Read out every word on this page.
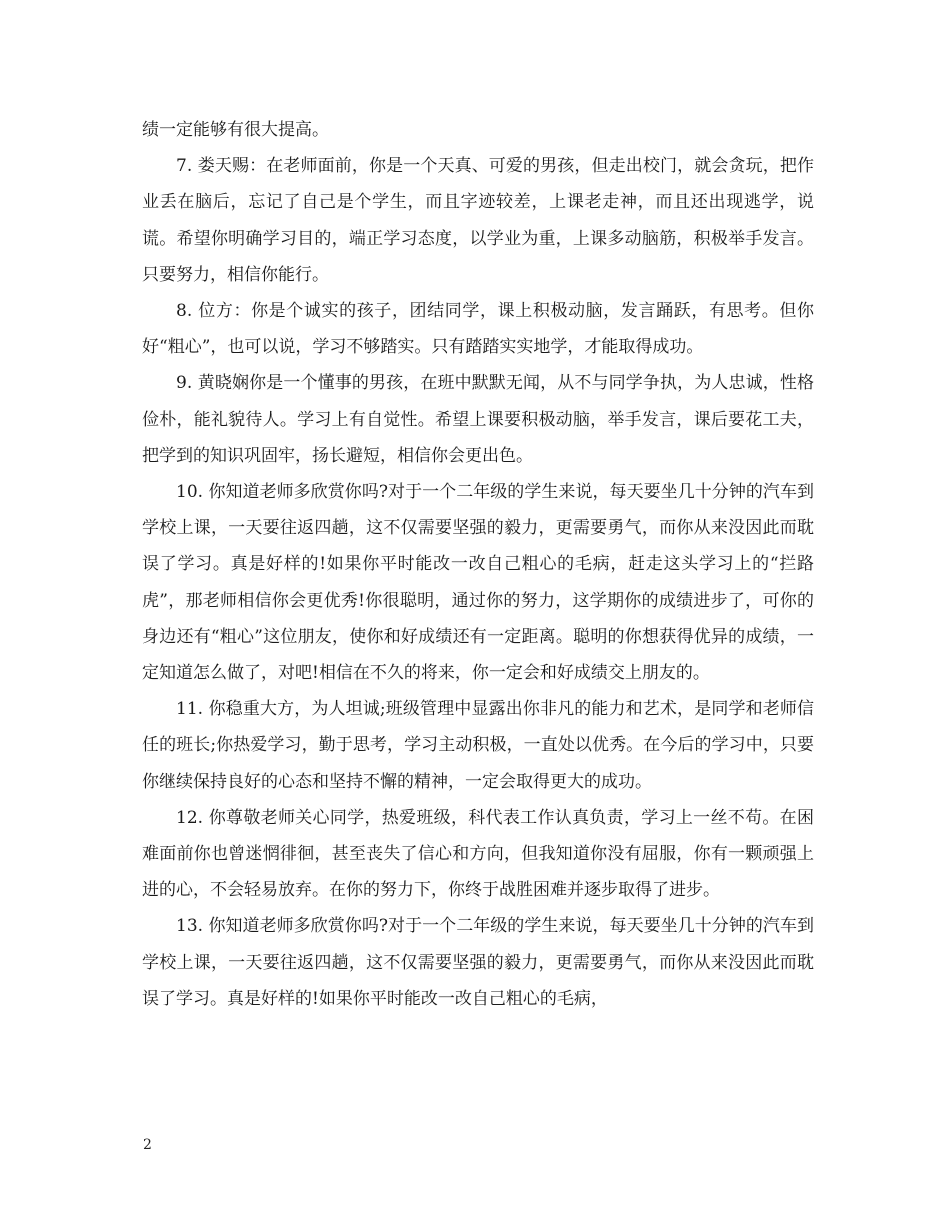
绩一定能够有很大提高。

7. 娄天赐：在老师面前，你是一个天真、可爱的男孩，但走出校门，就会贪玩，把作业丢在脑后，忘记了自己是个学生，而且字迹较差，上课老走神，而且还出现逃学，说谎。希望你明确学习目的，端正学习态度，以学业为重，上课多动脑筋，积极举手发言。只要努力，相信你能行。

8. 位方：你是个诚实的孩子，团结同学，课上积极动脑，发言踊跃，有思考。但你好“粗心”，也可以说，学习不够踏实。只有踏踏实实地学，才能取得成功。

9. 黄晓娴你是一个懂事的男孩，在班中默默无闻，从不与同学争执，为人忠诚，性格俭朴，能礼貌待人。学习上有自觉性。希望上课要积极动脑，举手发言，课后要花工夫，把学到的知识巩固牢，扬长避短，相信你会更出色。

10. 你知道老师多欣赏你吗?对于一个二年级的学生来说，每天要坐几十分钟的汽车到学校上课，一天要往返四趟，这不仅需要坚强的毅力，更需要勇气，而你从来没因此而耽误了学习。真是好样的!如果你平时能改一改自己粗心的毛病，赶走这头学习上的“拦路虎”，那老师相信你会更优秀!你很聪明，通过你的努力，这学期你的成绩进步了，可你的身边还有“粗心”这位朋友，使你和好成绩还有一定距离。聪明的你想获得优异的成绩，一定知道怎么做了，对吧!相信在不久的将来，你一定会和好成绩交上朋友的。

11. 你稳重大方，为人坦诚;班级管理中显露出你非凡的能力和艺术，是同学和老师信任的班长;你热爱学习，勤于思考，学习主动积极，一直处以优秀。在今后的学习中，只要你继续保持良好的心态和坚持不懈的精神，一定会取得更大的成功。

12. 你尊敬老师关心同学，热爱班级，科代表工作认真负责，学习上一丝不苟。在困难面前你也曾迷惘徘徊，甚至丧失了信心和方向，但我知道你没有屈服，你有一颗顽强上进的心，不会轻易放弃。在你的努力下，你终于战胜困难并逐步取得了进步。

13. 你知道老师多欣赏你吗?对于一个二年级的学生来说，每天要坐几十分钟的汽车到学校上课，一天要往返四趟，这不仅需要坚强的毅力，更需要勇气，而你从来没因此而耽误了学习。真是好样的!如果你平时能改一改自己粗心的毛病，

2
